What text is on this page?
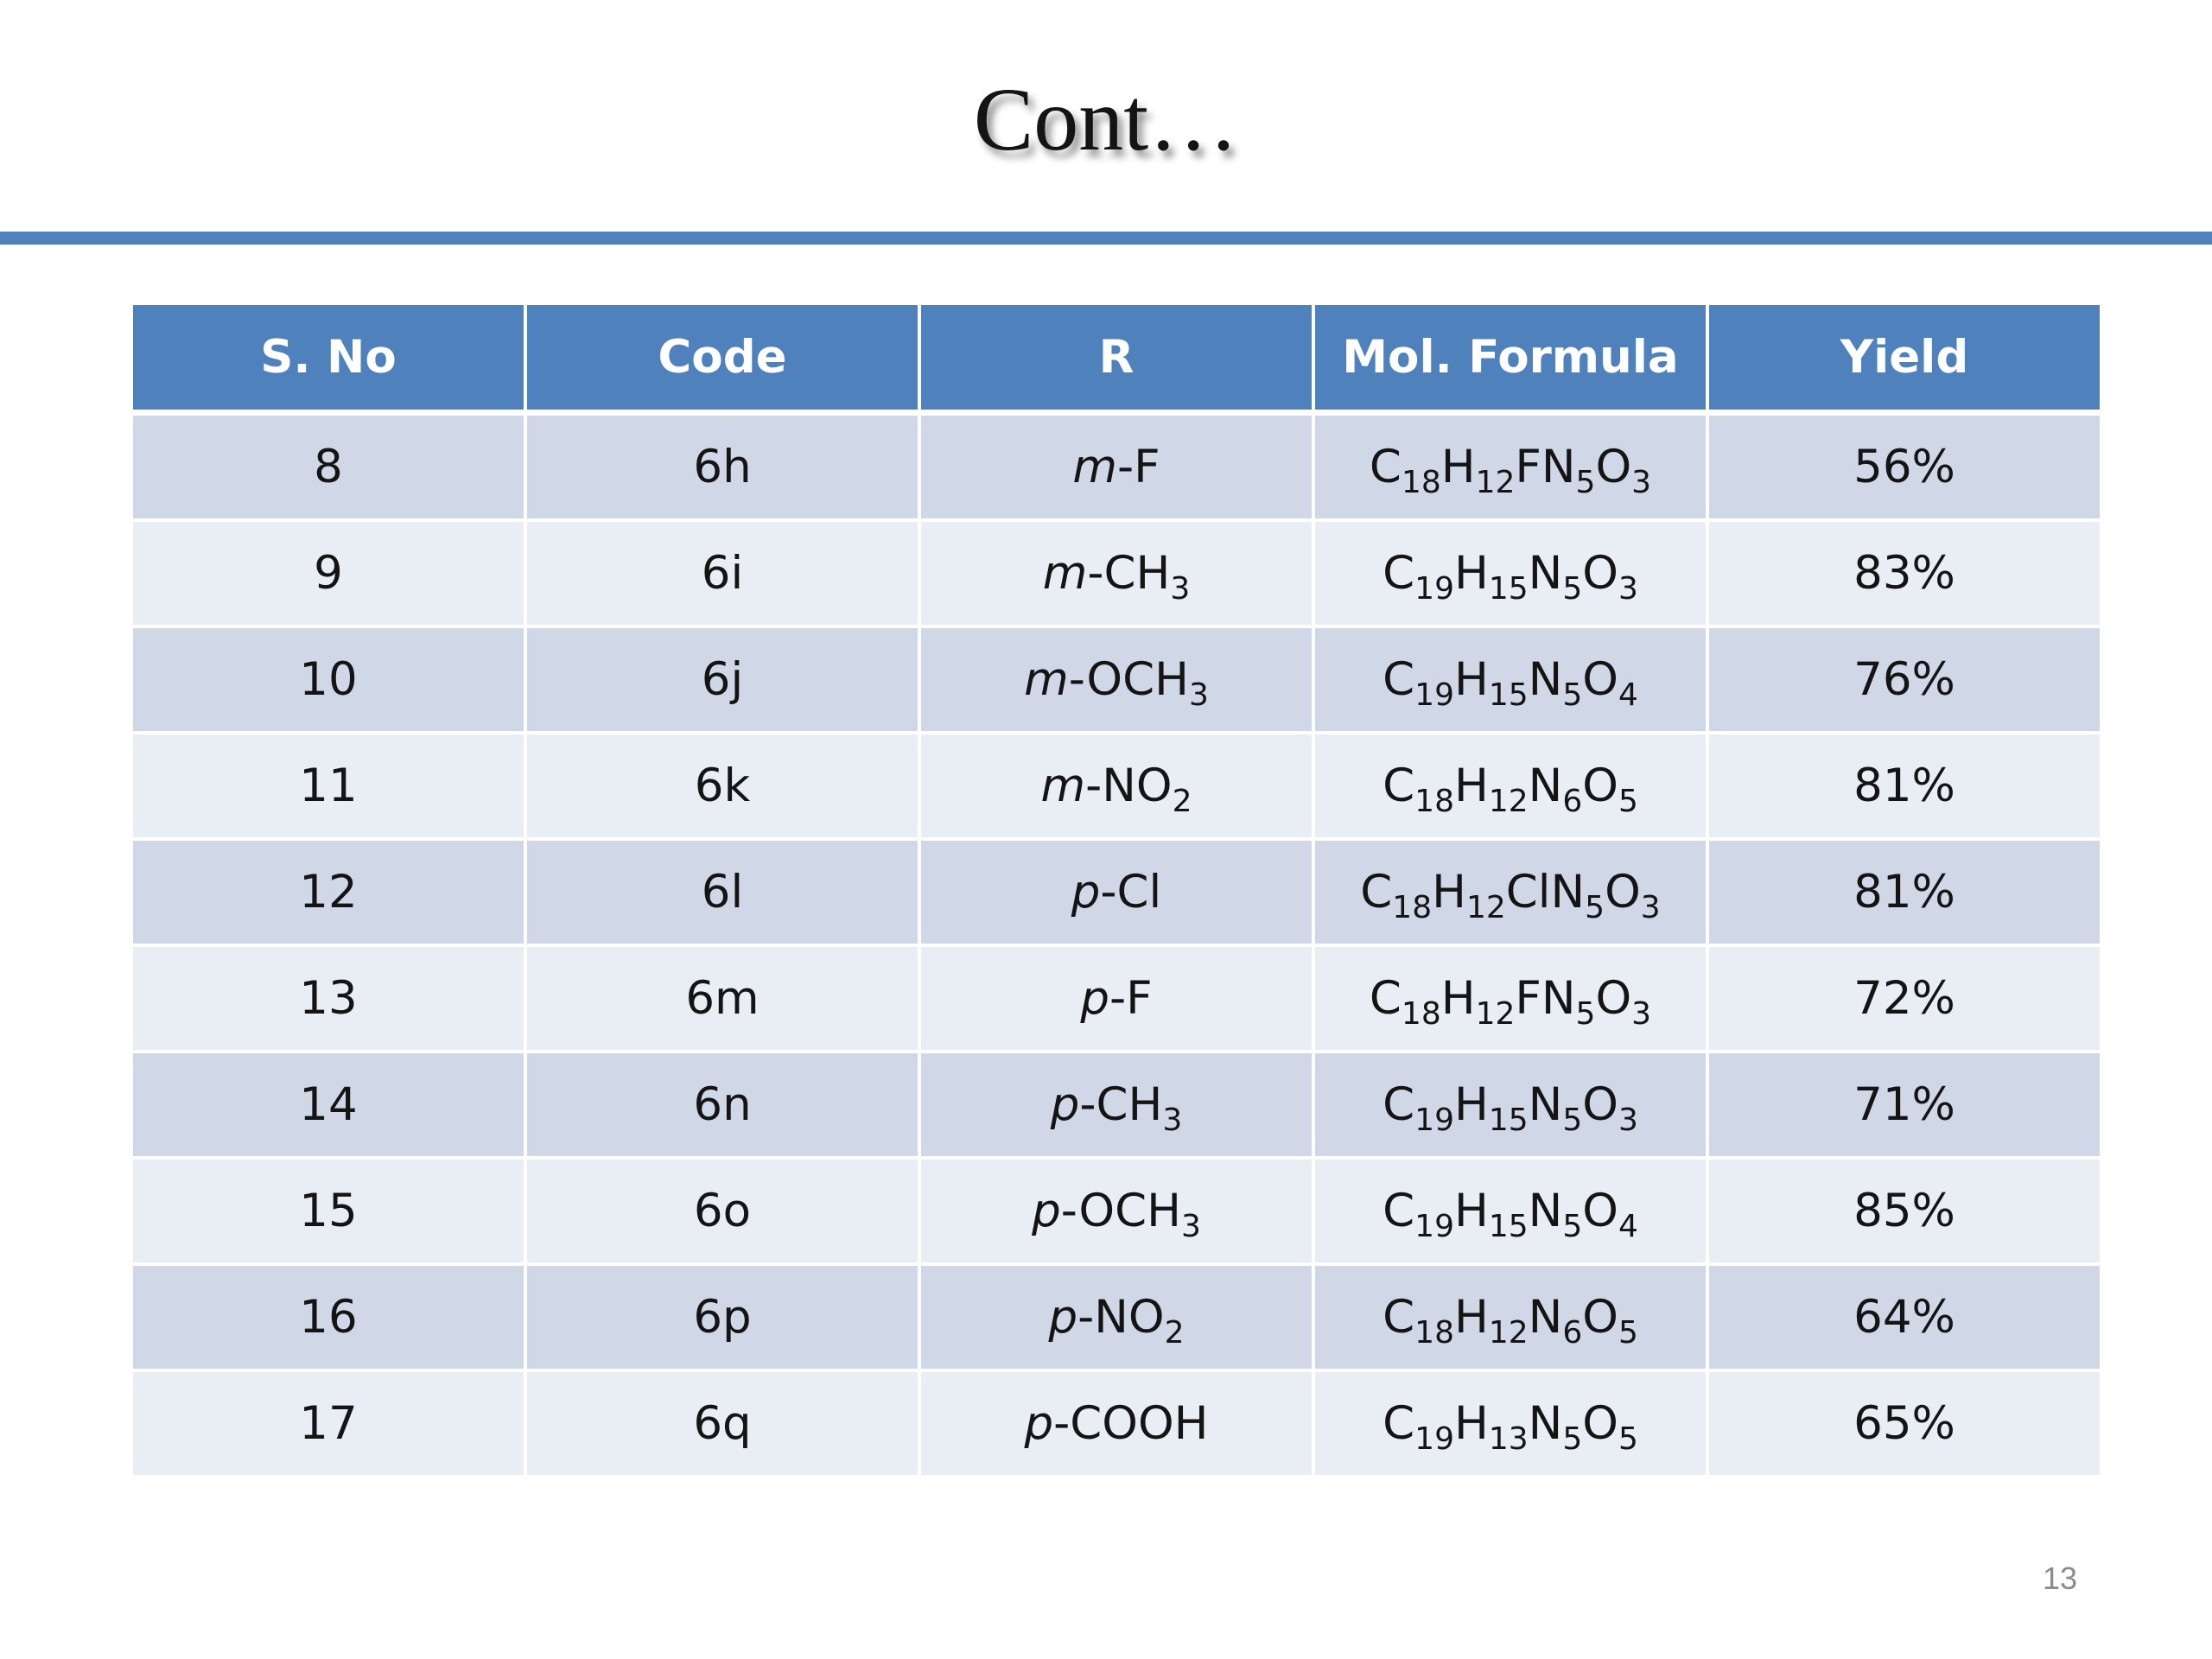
Cont…
S. No	Code	R	Mol. Formula	Yield
8	6h	m-F	$C_{18}H_{12}FN_5O_3$	56%
9	6i	$m-CH_3$	$C_{19}H_{15}N_5O_3$	83%
10	6j	$m-OCH_3$	$C_{19}H_{15}N_5O_4$	76%
11	6k	$m-NO_2$	$C_{18}H_{12}N_6O_5$	81%
12	6l	p-Cl	$C_{18}H_{12}ClN_5O_3$	81%
13	6m	p-F	$C_{18}H_{12}FN_5O_3$	72%
14	6n	$p-CH_3$	$C_{19}H_{15}N_5O_3$	71%
15	6o	$p-OCH_3$	$C_{19}H_{15}N_5O_4$	85%
16	6p	$p-NO_2$	$C_{18}H_{12}N_6O_5$	64%
17	6q	p-COOH	$C_{19}H_{13}N_5O_5$	65%
13
